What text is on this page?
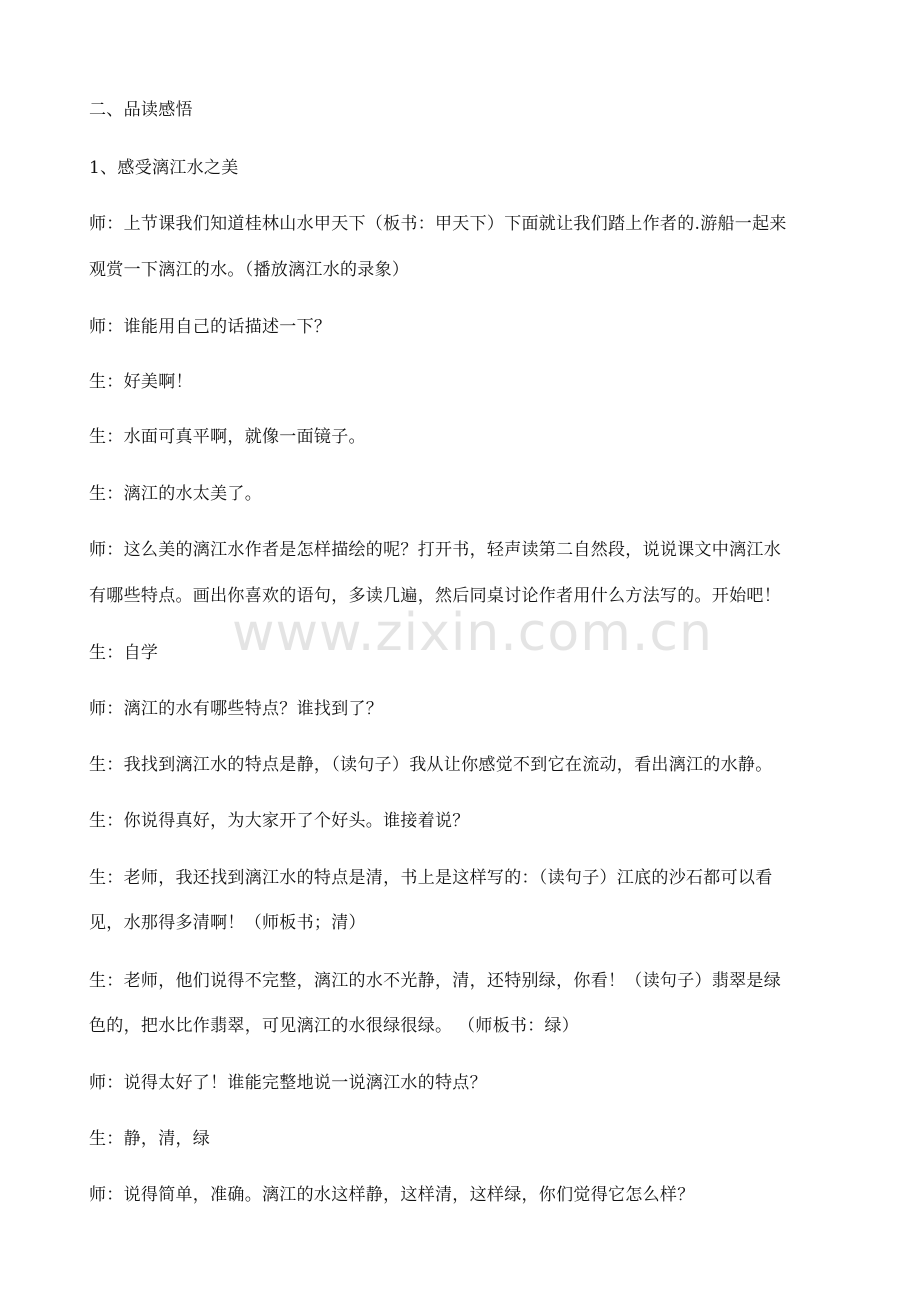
www.zixin.com.cn
二、品读感悟
1、感受漓江水之美
师：上节课我们知道桂林山水甲天下（板书：甲天下）下面就让我们踏上作者的.游船一起来
观赏一下漓江的水。（播放漓江水的录象）
师：谁能用自己的话描述一下？
生：好美啊！
生：水面可真平啊，就像一面镜子。
生：漓江的水太美了。
师：这么美的漓江水作者是怎样描绘的呢？打开书，轻声读第二自然段，说说课文中漓江水
有哪些特点。画出你喜欢的语句，多读几遍，然后同桌讨论作者用什么方法写的。开始吧！
生：自学
师：漓江的水有哪些特点？谁找到了？
生：我找到漓江水的特点是静，（读句子）我从让你感觉不到它在流动，看出漓江的水静。
生：你说得真好，为大家开了个好头。谁接着说？
生：老师，我还找到漓江水的特点是清，书上是这样写的：（读句子）江底的沙石都可以看
见，水那得多清啊！（师板书；清）
生：老师，他们说得不完整，漓江的水不光静，清，还特别绿，你看！（读句子）翡翠是绿
色的，把水比作翡翠，可见漓江的水很绿很绿。 （师板书：绿）
师：说得太好了！谁能完整地说一说漓江水的特点？
生：静，清，绿
师：说得简单，准确。漓江的水这样静，这样清，这样绿，你们觉得它怎么样？
